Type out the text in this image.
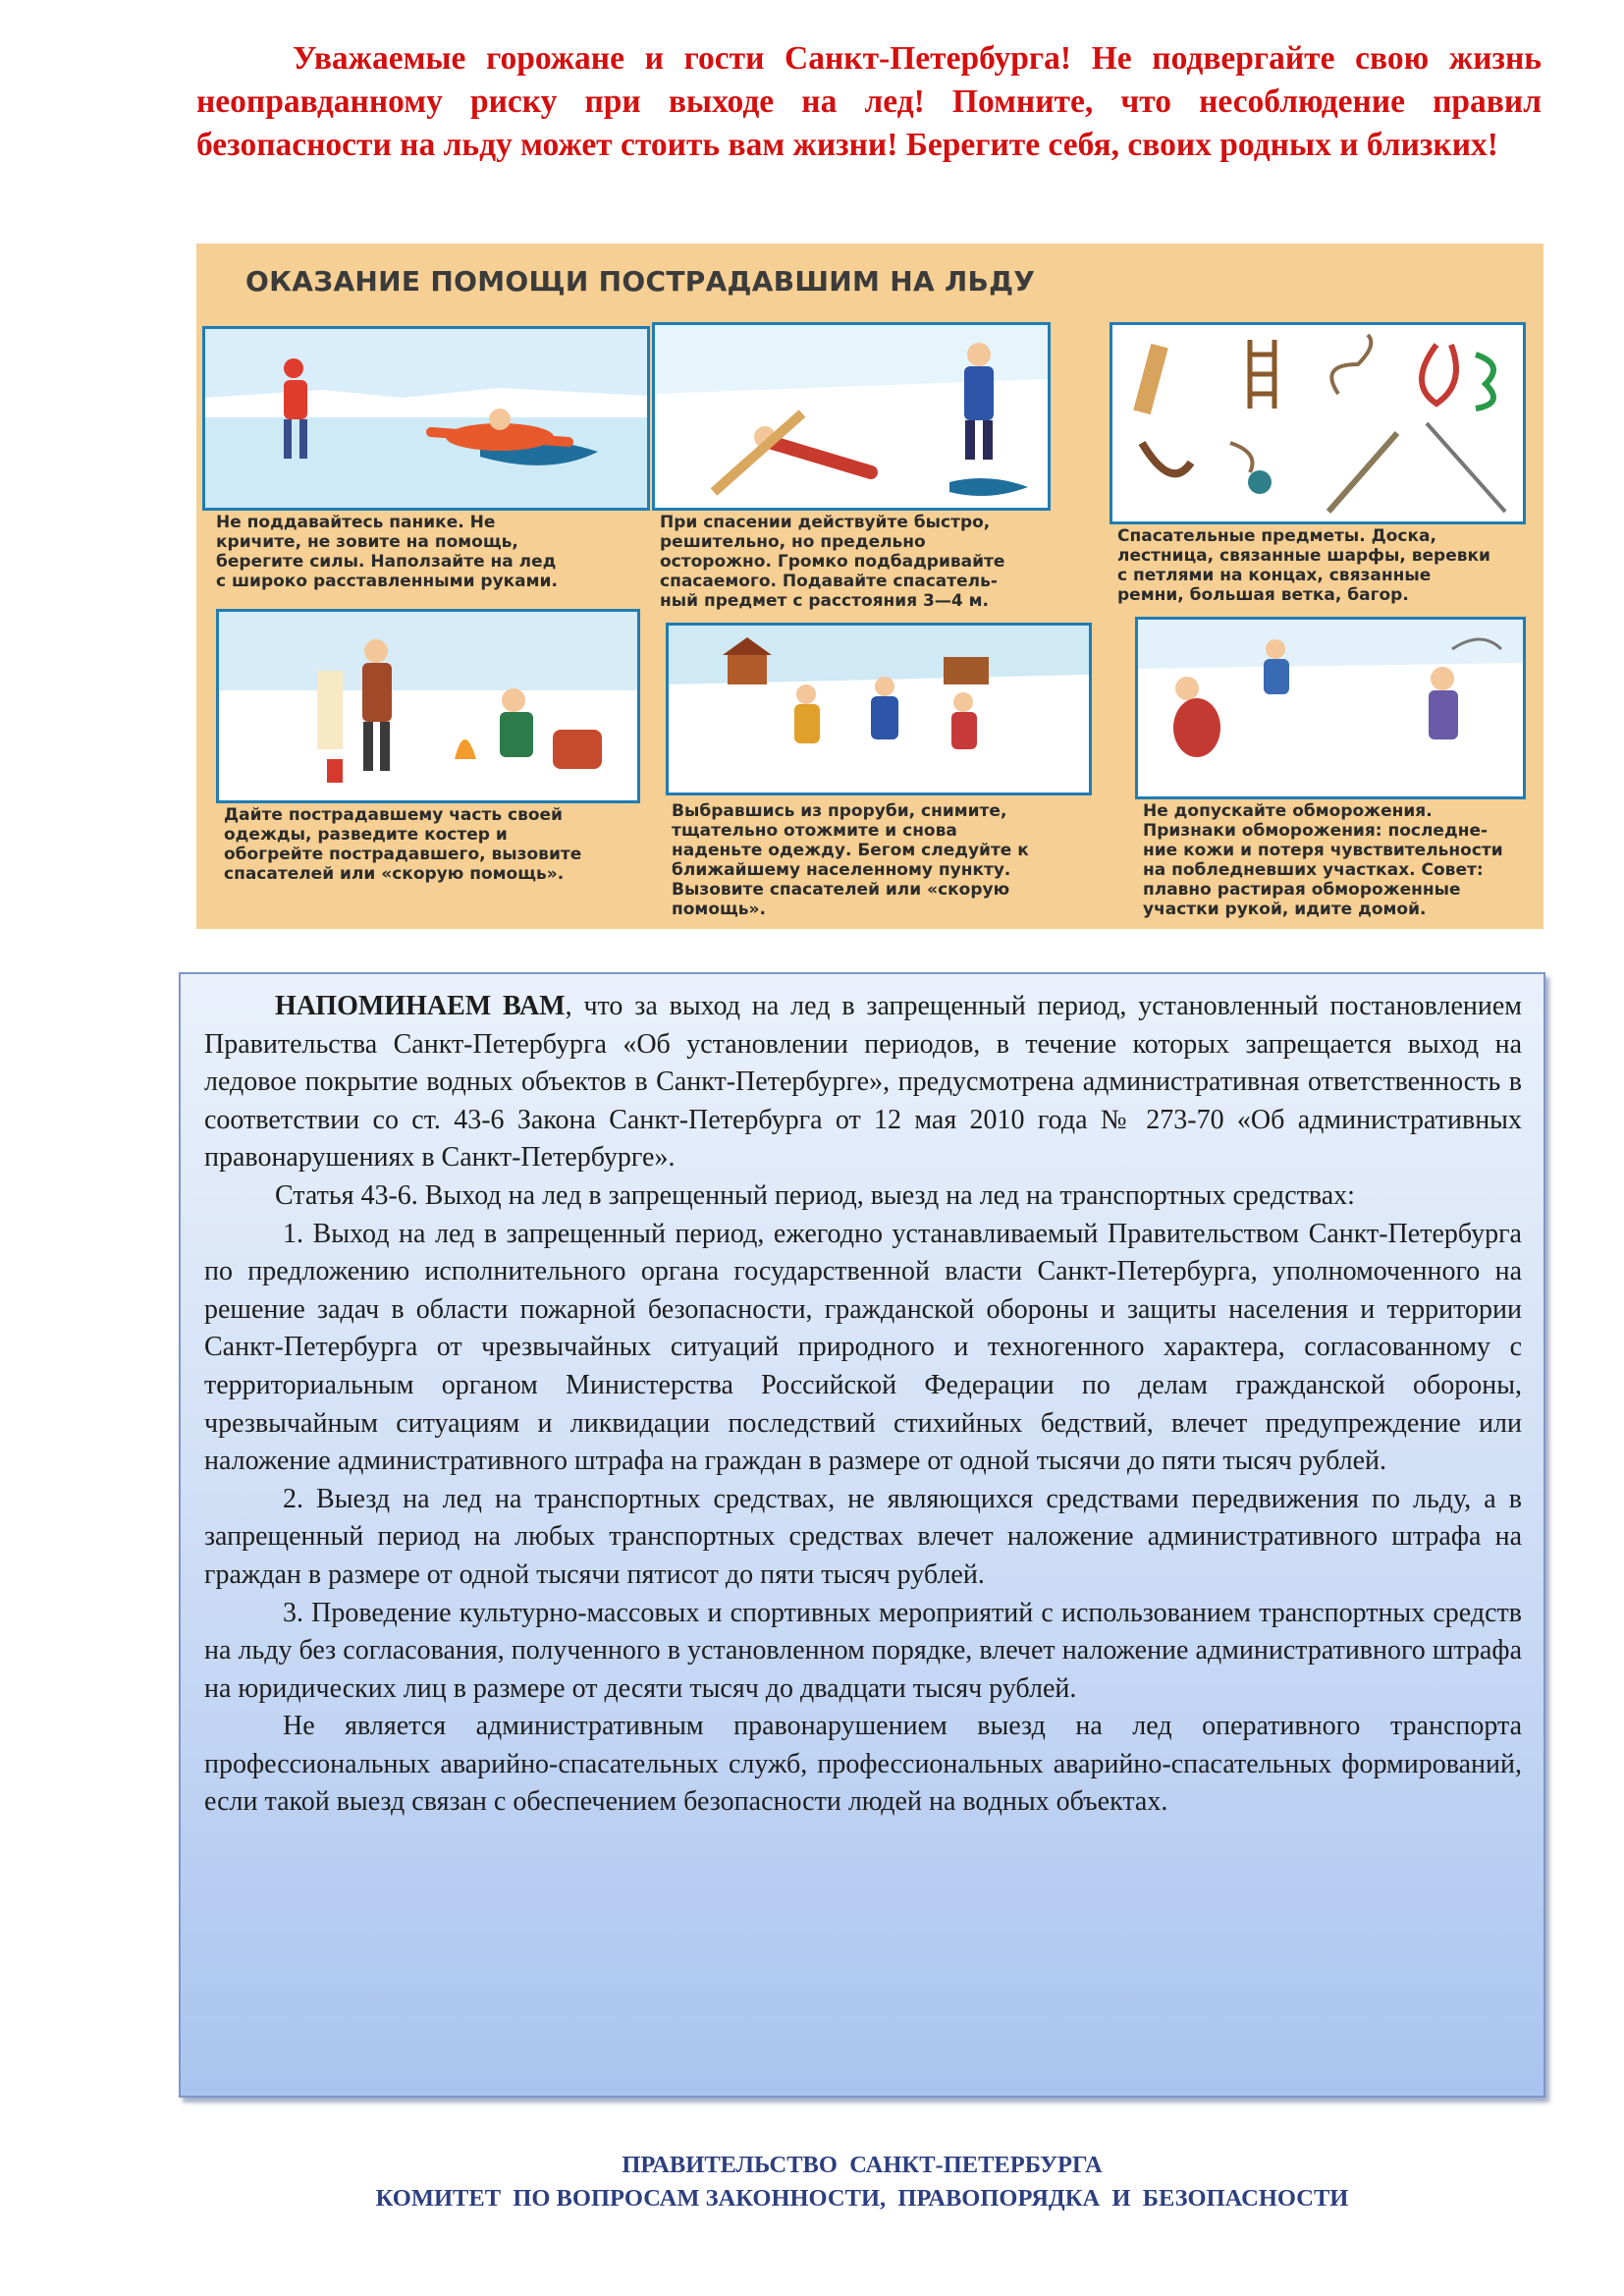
Уважаемые горожане и гости Санкт-Петербурга! Не подвергайте свою жизнь неоправданному риску при выходе на лед! Помните, что несоблюдение правил безопасности на льду может стоить вам жизни! Берегите себя, своих родных и близких!

ОКАЗАНИЕ ПОМОЩИ ПОСТРАДАВШИМ НА ЛЬДУ
Не поддавайтесь панике. Не
кричите, не зовите на помощь,
берегите силы. Наползайте на лед
с широко расставленными руками.
При спасении действуйте быстро,
решительно, но предельно
осторожно. Громко подбадривайте
спасаемого. Подавайте спасатель-
ный предмет с расстояния 3—4 м.
Спасательные предметы. Доска,
лестница, связанные шарфы, веревки
с петлями на концах, связанные
ремни, большая ветка, багор.
Дайте пострадавшему часть своей
одежды, разведите костер и
обогрейте пострадавшего, вызовите
спасателей или «скорую помощь».
Выбравшись из проруби, снимите,
тщательно отожмите и снова
наденьте одежду. Бегом следуйте к
ближайшему населенному пункту.
Вызовите спасателей или «скорую
помощь».
Не допускайте обморожения.
Признаки обморожения: последне-
ние кожи и потеря чувствительности
на побледневших участках. Совет:
плавно растирая обмороженные
участки рукой, идите домой.

НАПОМИНАЕМ ВАМ, что за выход на лед в запрещенный период, установленный постановлением Правительства Санкт-Петербурга «Об установлении периодов, в течение которых запрещается выход на ледовое покрытие водных объектов в Санкт-Петербурге», предусмотрена административная ответственность в соответствии со ст. 43-6 Закона Санкт-Петербурга от 12 мая 2010 года № 273-70 «Об административных правонарушениях в Санкт-Петербурге».

Статья 43-6. Выход на лед в запрещенный период, выезд на лед на транспортных средствах:

1. Выход на лед в запрещенный период, ежегодно устанавливаемый Правительством Санкт-Петербурга по предложению исполнительного органа государственной власти Санкт-Петербурга, уполномоченного на решение задач в области пожарной безопасности, гражданской обороны и защиты населения и территории Санкт-Петербурга от чрезвычайных ситуаций природного и техногенного характера, согласованному с территориальным органом Министерства Российской Федерации по делам гражданской обороны, чрезвычайным ситуациям и ликвидации последствий стихийных бедствий, влечет предупреждение или наложение административного штрафа на граждан в размере от одной тысячи до пяти тысяч рублей.

2. Выезд на лед на транспортных средствах, не являющихся средствами передвижения по льду, а в запрещенный период на любых транспортных средствах влечет наложение административного штрафа на граждан в размере от одной тысячи пятисот до пяти тысяч рублей.

3. Проведение культурно-массовых и спортивных мероприятий с использованием транспортных средств на льду без согласования, полученного в установленном порядке, влечет наложение административного штрафа на юридических лиц в размере от десяти тысяч до двадцати тысяч рублей.

Не является административным правонарушением выезд на лед оперативного транспорта профессиональных аварийно-спасательных служб, профессиональных аварийно-спасательных формирований, если такой выезд связан с обеспечением безопасности людей на водных объектах.

ПРАВИТЕЛЬСТВО  САНКТ-ПЕТЕРБУРГА
КОМИТЕТ  ПО ВОПРОСАМ ЗАКОННОСТИ,  ПРАВОПОРЯДКА  И  БЕЗОПАСНОСТИ
